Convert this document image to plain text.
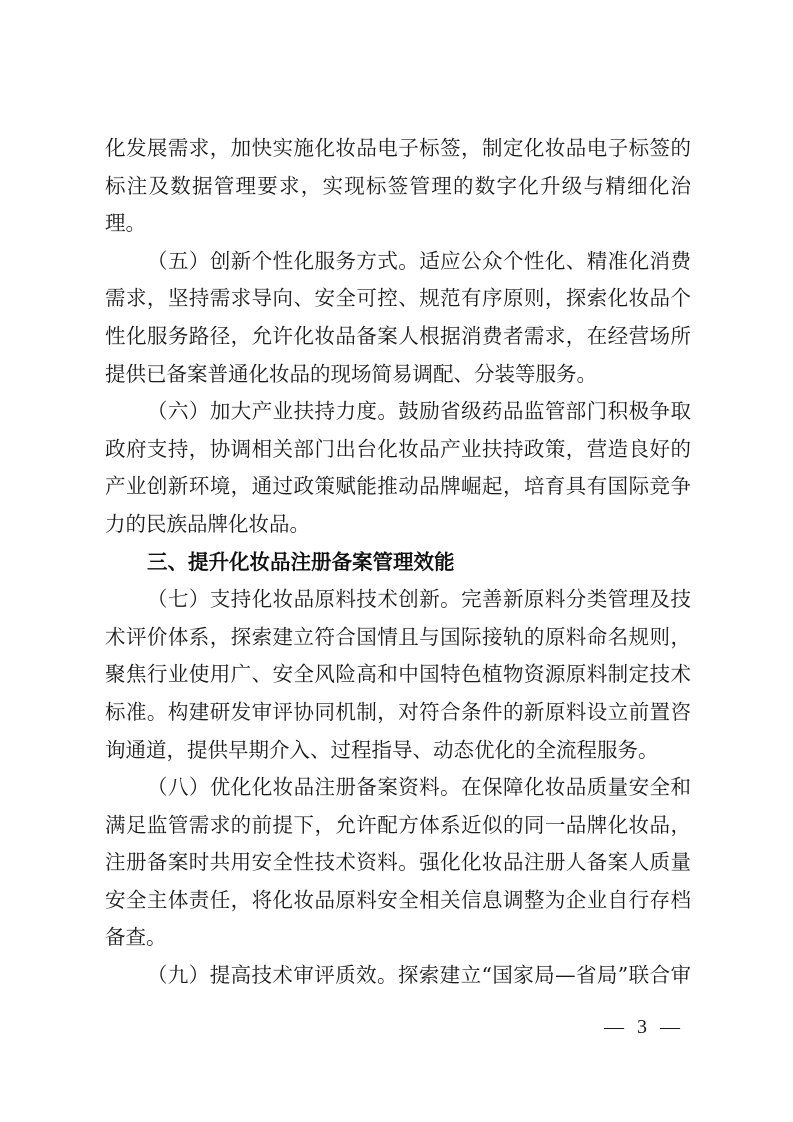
化发展需求，加快实施化妆品电子标签，制定化妆品电子标签的
标注及数据管理要求，实现标签管理的数字化升级与精细化治
理。
（五）创新个性化服务方式。适应公众个性化、精准化消费
需求，坚持需求导向、安全可控、规范有序原则，探索化妆品个
性化服务路径，允许化妆品备案人根据消费者需求，在经营场所
提供已备案普通化妆品的现场简易调配、分装等服务。
（六）加大产业扶持力度。鼓励省级药品监管部门积极争取
政府支持，协调相关部门出台化妆品产业扶持政策，营造良好的
产业创新环境，通过政策赋能推动品牌崛起，培育具有国际竞争
力的民族品牌化妆品。
（七）支持化妆品原料技术创新。完善新原料分类管理及技
术评价体系，探索建立符合国情且与国际接轨的原料命名规则，
聚焦行业使用广、安全风险高和中国特色植物资源原料制定技术
标准。构建研发审评协同机制，对符合条件的新原料设立前置咨
询通道，提供早期介入、过程指导、动态优化的全流程服务。
（八）优化化妆品注册备案资料。在保障化妆品质量安全和
满足监管需求的前提下，允许配方体系近似的同一品牌化妆品，
注册备案时共用安全性技术资料。强化化妆品注册人备案人质量
安全主体责任，将化妆品原料安全相关信息调整为企业自行存档
备查。
（九）提高技术审评质效。探索建立“国家局—省局”联合审
— 3 —
三、提升化妆品注册备案管理效能
